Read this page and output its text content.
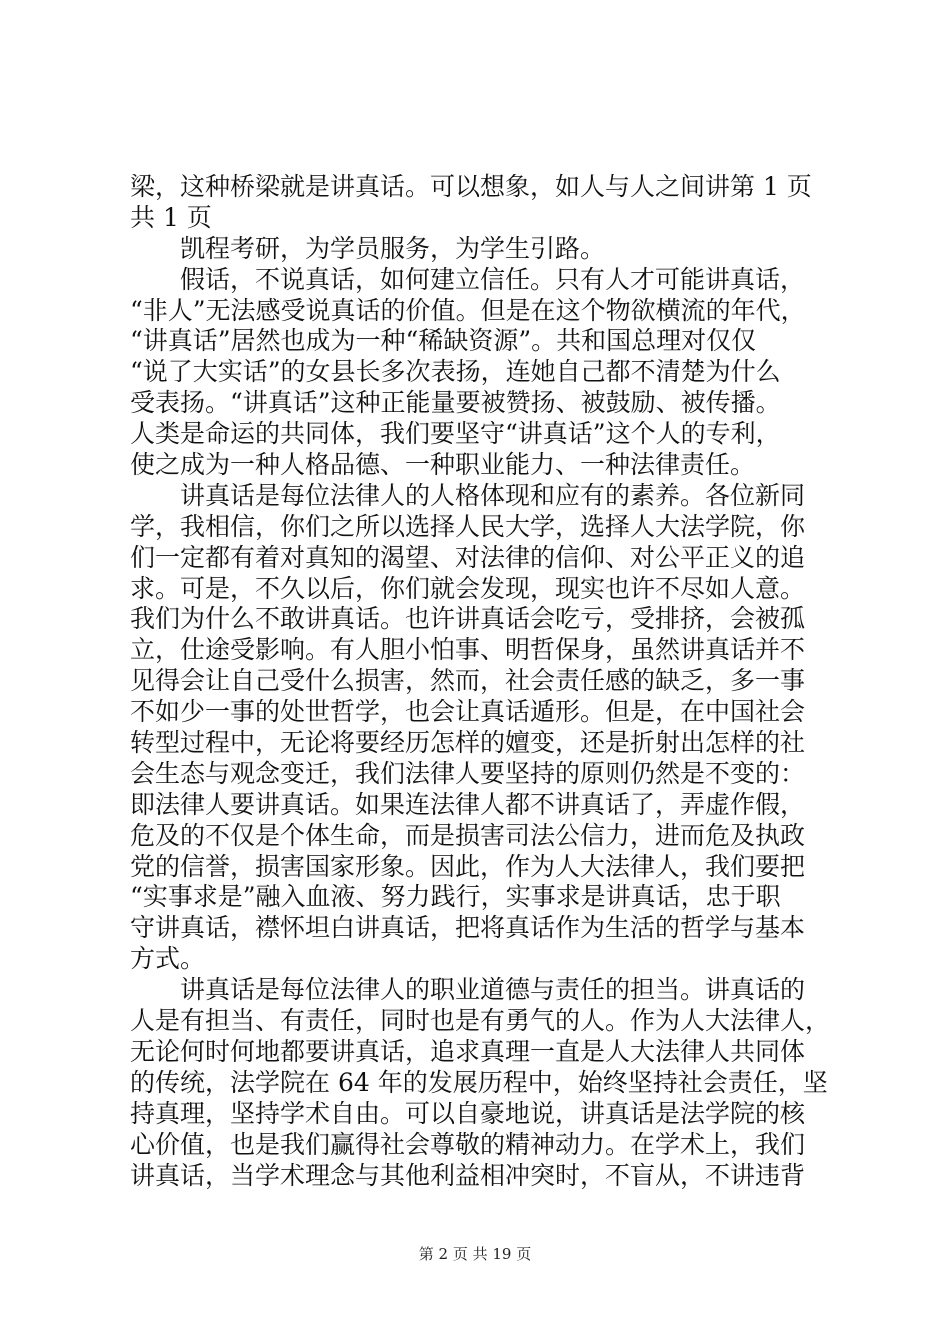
梁，这种桥梁就是讲真话。可以想象，如人与人之间讲第 1 页
共 1 页
凯程考研，为学员服务，为学生引路。
假话，不说真话，如何建立信任。只有人才可能讲真话，
“非人”无法感受说真话的价值。但是在这个物欲横流的年代，
“讲真话”居然也成为一种“稀缺资源”。共和国总理对仅仅
“说了大实话”的女县长多次表扬，连她自己都不清楚为什么
受表扬。“讲真话”这种正能量要被赞扬、被鼓励、被传播。
人类是命运的共同体，我们要坚守“讲真话”这个人的专利，
使之成为一种人格品德、一种职业能力、一种法律责任。
讲真话是每位法律人的人格体现和应有的素养。各位新同
学，我相信，你们之所以选择人民大学，选择人大法学院，你
们一定都有着对真知的渴望、对法律的信仰、对公平正义的追
求。可是，不久以后，你们就会发现，现实也许不尽如人意。
我们为什么不敢讲真话。也许讲真话会吃亏，受排挤，会被孤
立，仕途受影响。有人胆小怕事、明哲保身，虽然讲真话并不
见得会让自己受什么损害，然而，社会责任感的缺乏，多一事
不如少一事的处世哲学，也会让真话遁形。但是，在中国社会
转型过程中，无论将要经历怎样的嬗变，还是折射出怎样的社
会生态与观念变迁，我们法律人要坚持的原则仍然是不变的：
即法律人要讲真话。如果连法律人都不讲真话了，弄虚作假，
危及的不仅是个体生命，而是损害司法公信力，进而危及执政
党的信誉，损害国家形象。因此，作为人大法律人，我们要把
“实事求是”融入血液、努力践行，实事求是讲真话，忠于职
守讲真话，襟怀坦白讲真话，把将真话作为生活的哲学与基本
方式。
讲真话是每位法律人的职业道德与责任的担当。讲真话的
人是有担当、有责任，同时也是有勇气的人。作为人大法律人，
无论何时何地都要讲真话，追求真理一直是人大法律人共同体
的传统，法学院在 64 年的发展历程中，始终坚持社会责任，坚
持真理，坚持学术自由。可以自豪地说，讲真话是法学院的核
心价值，也是我们赢得社会尊敬的精神动力。在学术上，我们
讲真话，当学术理念与其他利益相冲突时，不盲从，不讲违背
第 2 页 共 19 页
